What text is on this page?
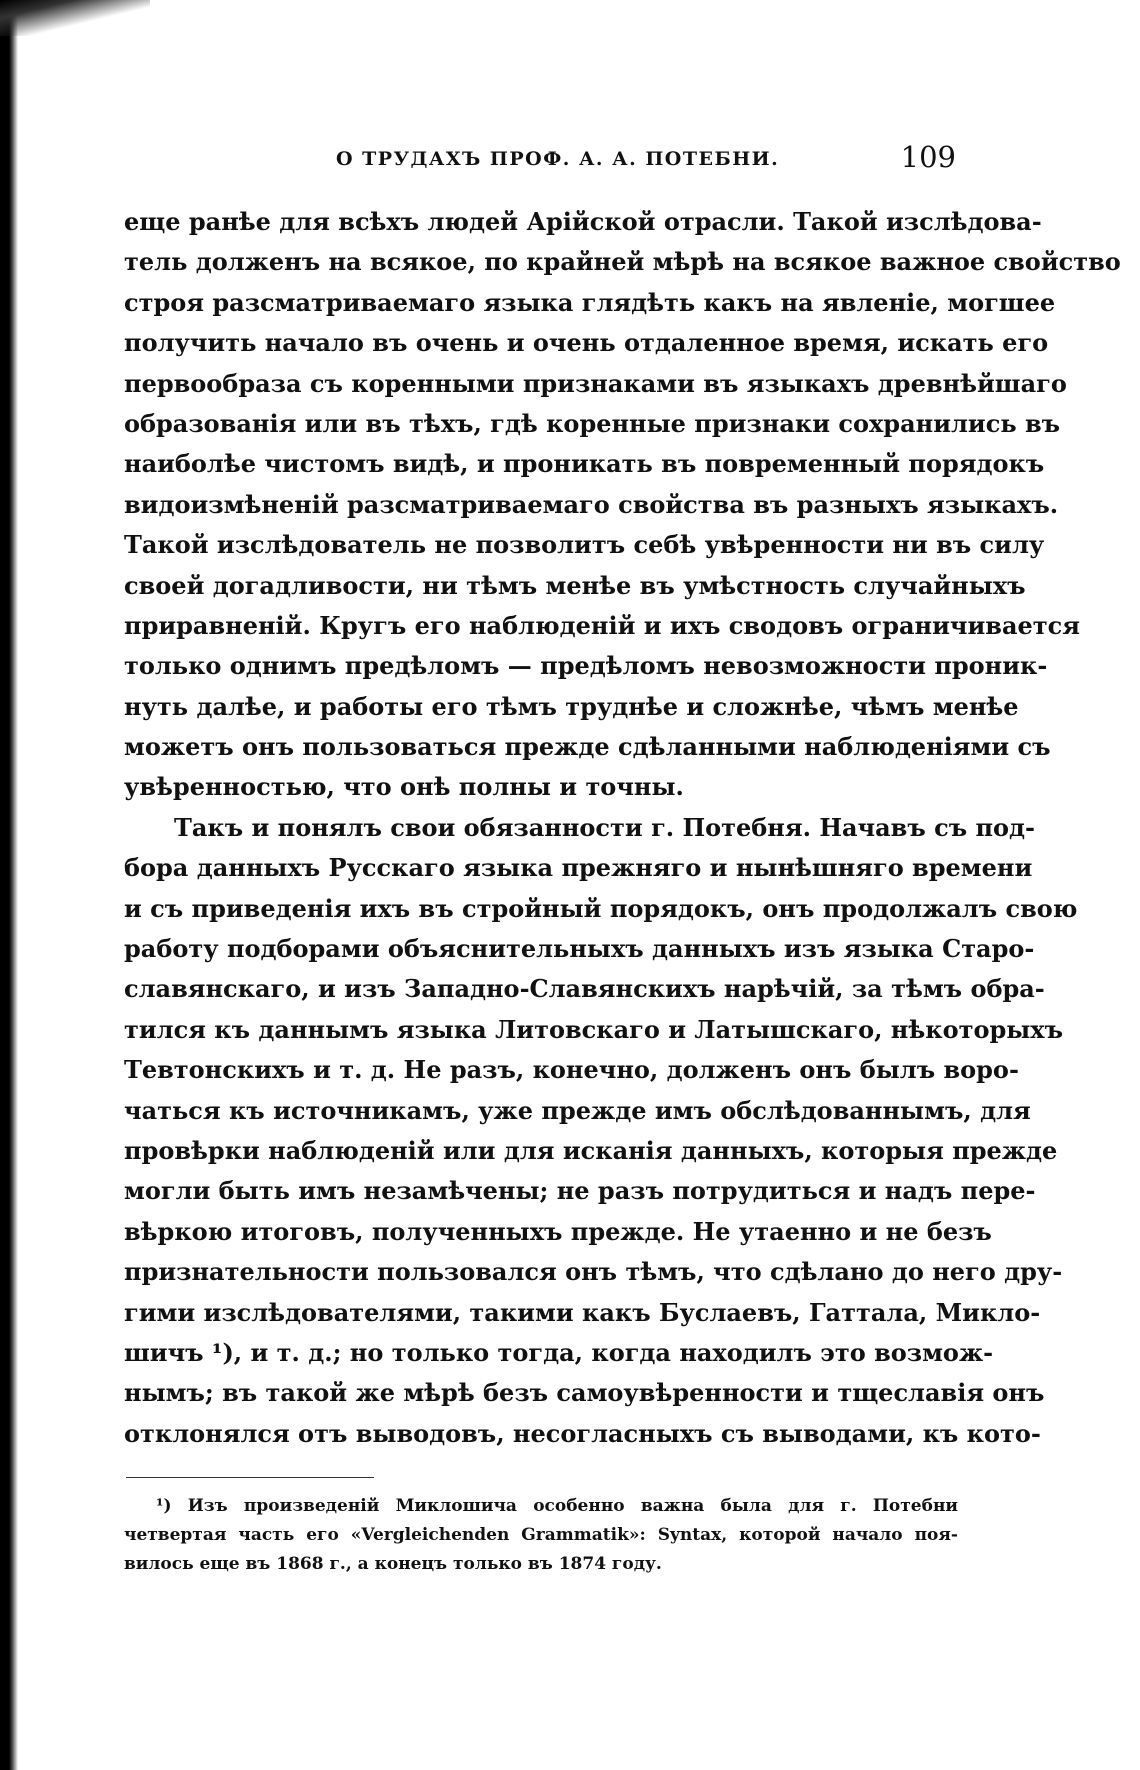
О ТРУДАХЪ ПРОФ. А. А. ПОТЕБНИ.	109
еще ранѣе для всѣхъ людей Арійской отрасли. Такой изслѣдова-
тель долженъ на всякое, по крайней мѣрѣ на всякое важное свойство
строя разсматриваемаго языка глядѣть какъ на явленіе, могшее
получить начало въ очень и очень отдаленное время, искать его
первообраза съ коренными признаками въ языкахъ древнѣйшаго
образованія или въ тѣхъ, гдѣ коренные признаки сохранились въ
наиболѣе чистомъ видѣ, и проникать въ повременный порядокъ
видоизмѣненій разсматриваемаго свойства въ разныхъ языкахъ.
Такой изслѣдователь не позволитъ себѣ увѣренности ни въ силу
своей догадливости, ни тѣмъ менѣе въ умѣстность случайныхъ
приравненій. Кругъ его наблюденій и ихъ сводовъ ограничивается
только однимъ предѣломъ — предѣломъ невозможности проник-
нуть далѣе, и работы его тѣмъ труднѣе и сложнѣе, чѣмъ менѣе
можетъ онъ пользоваться прежде сдѣланными наблюденіями съ
увѣренностью, что онѣ полны и точны.
Такъ и понялъ свои обязанности г. Потебня. Начавъ съ под-
бора данныхъ Русскаго языка прежняго и нынѣшняго времени
и съ приведенія ихъ въ стройный порядокъ, онъ продолжалъ свою
работу подборами объяснительныхъ данныхъ изъ языка Старо-
славянскаго, и изъ Западно-Славянскихъ нарѣчій, за тѣмъ обра-
тился къ даннымъ языка Литовскаго и Латышскаго, нѣкоторыхъ
Тевтонскихъ и т. д. Не разъ, конечно, долженъ онъ былъ воро-
чаться къ источникамъ, уже прежде имъ обслѣдованнымъ, для
провѣрки наблюденій или для исканія данныхъ, которыя прежде
могли быть имъ незамѣчены; не разъ потрудиться и надъ пере-
вѣркою итоговъ, полученныхъ прежде. Не утаенно и не безъ
признательности пользовался онъ тѣмъ, что сдѣлано до него дру-
гими изслѣдователями, такими какъ Буслаевъ, Гаттала, Микло-
шичъ ¹), и т. д.; но только тогда, когда находилъ это возмож-
нымъ; въ такой же мѣрѣ безъ самоувѣренности и тщеславія онъ
отклонялся отъ выводовъ, несогласныхъ съ выводами, къ кото-
¹) Изъ произведеній Миклошича особенно важна была для г. Потебни
четвертая часть его «Vergleichenden Grammatik»: Syntax, которой начало поя-
вилось еще въ 1868 г., а конецъ только въ 1874 году.
